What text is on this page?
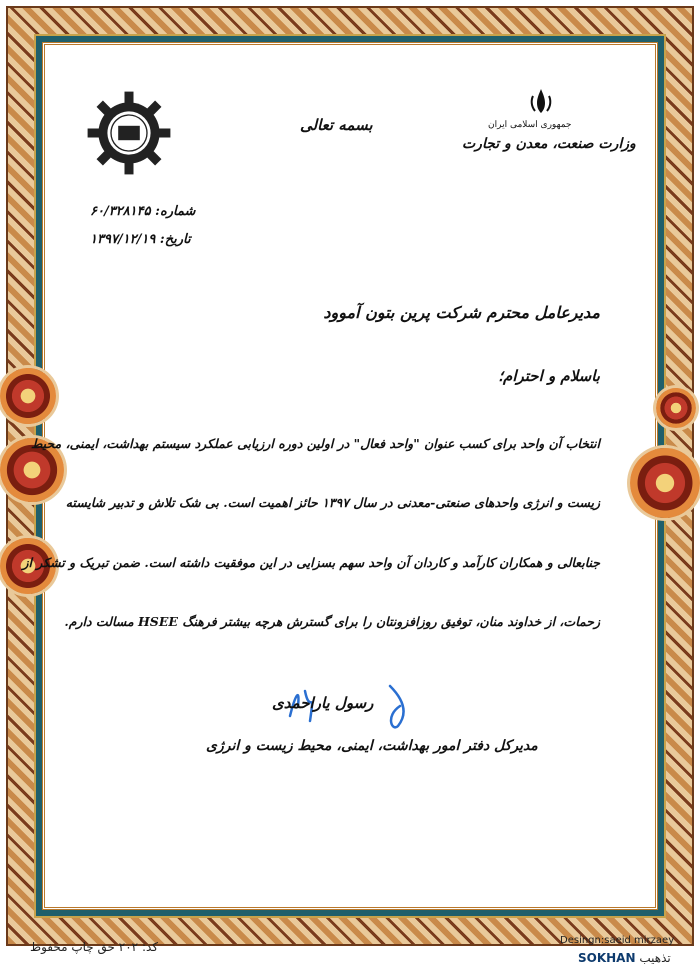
بسمه تعالی	جمهوری اسلامی ایران
وزارت صنعت، معدن و تجارت
شماره: ۶۰/۳۲۸۱۴۵
تاریخ: ۱۳۹۷/۱۲/۱۹
مدیرعامل محترم شرکت پرین بتون آموود
باسلام و احترام؛
انتخاب آن واحد برای کسب عنوان "واحد فعال" در اولین دوره ارزیابی عملکرد سیستم بهداشت، ایمنی، محیط
زیست و انرژی واحدهای صنعتی-معدنی در سال ۱۳۹۷ حائز اهمیت است. بی شک تلاش و تدبیر شایسته
جنابعالی و همکاران کارآمد و کاردان آن واحد سهم بسزایی در این موفقیت داشته است. ضمن تبریک و تشکر از
زحمات، از خداوند منان، توفیق روزافزونتان را برای گسترش هرچه بیشتر فرهنگ HSEE مسالت دارم.
رسول یاراحمدی
مدیرکل دفتر امور بهداشت، ایمنی، محیط زیست و انرژی
کد: ۲۰۲ حق چاپ محفوظ	Desingn:saeid mirzaey
تذهیب SOKHAN
